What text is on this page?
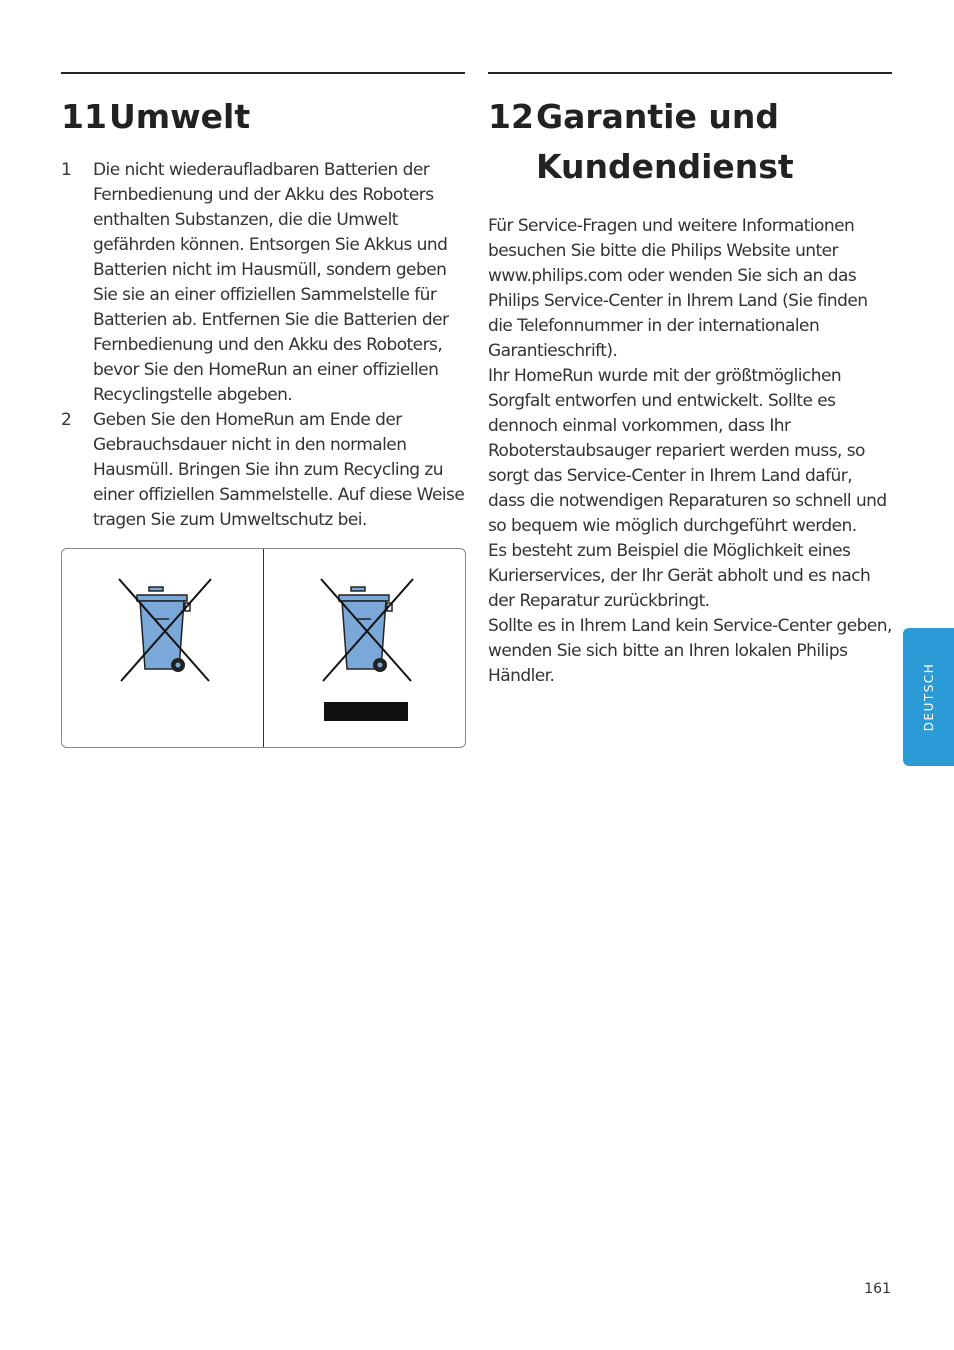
11Umwelt
1 Die nicht wiederaufladbaren Batterien der Fernbedienung und der Akku des Roboters enthalten Substanzen, die die Umwelt gefährden können. Entsorgen Sie Akkus und Batterien nicht im Hausmüll, sondern geben Sie sie an einer offiziellen Sammelstelle für Batterien ab. Entfernen Sie die Batterien der Fernbedienung und den Akku des Roboters, bevor Sie den HomeRun an einer offiziellen Recyclingstelle abgeben.
2 Geben Sie den HomeRun am Ende der Gebrauchsdauer nicht in den normalen Hausmüll. Bringen Sie ihn zum Recycling zu einer offiziellen Sammelstelle. Auf diese Weise tragen Sie zum Umweltschutz bei.
12Garantie und
Kundendienst

Für Service-Fragen und weitere Informationen besuchen Sie bitte die Philips Website unter www.philips.com oder wenden Sie sich an das Philips Service-Center in Ihrem Land (Sie finden die Telefonnummer in der internationalen Garantieschrift).

Ihr HomeRun wurde mit der größtmöglichen Sorgfalt entworfen und entwickelt. Sollte es dennoch einmal vorkommen, dass Ihr Roboterstaubsauger repariert werden muss, so sorgt das Service-Center in Ihrem Land dafür, dass die notwendigen Reparaturen so schnell und so bequem wie möglich durchgeführt werden.

Es besteht zum Beispiel die Möglichkeit eines Kurierservices, der Ihr Gerät abholt und es nach der Reparatur zurückbringt.

Sollte es in Ihrem Land kein Service-Center geben, wenden Sie sich bitte an Ihren lokalen Philips Händler.	DEUTSCH
161
